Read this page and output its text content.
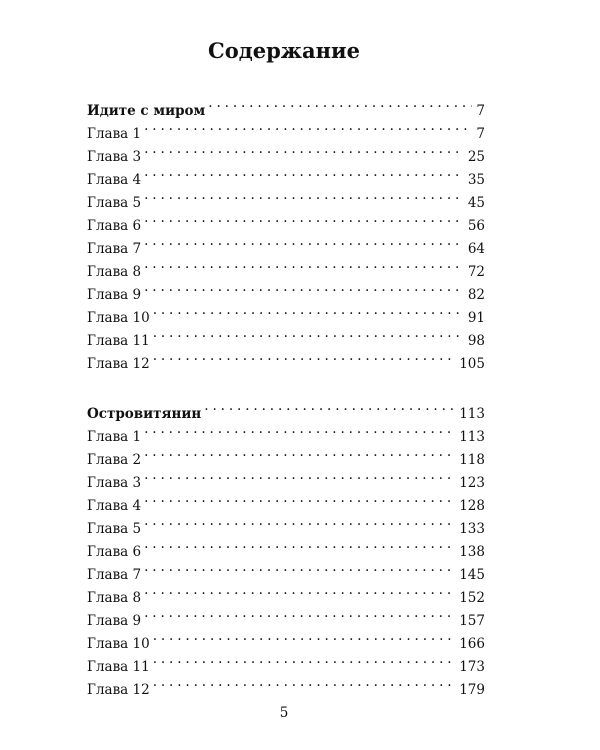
Содержание
Идите с миром . . .	7
Глава 1 . . .	7
Глава 3 . . .	25
Глава 4 . . .	35
Глава 5 . . .	45
Глава 6 . . .	56
Глава 7 . . .	64
Глава 8 . . .	72
Глава 9 . . .	82
Глава 10 . . .	91
Глава 11 . . .	98
Глава 12 . . .	105
Островитянин . . .	113
Глава 1 . . .	113
Глава 2 . . .	118
Глава 3 . . .	123
Глава 4 . . .	128
Глава 5 . . .	133
Глава 6 . . .	138
Глава 7 . . .	145
Глава 8 . . .	152
Глава 9 . . .	157
Глава 10 . . .	166
Глава 11 . . .	173
Глава 12 . . .	179
5
